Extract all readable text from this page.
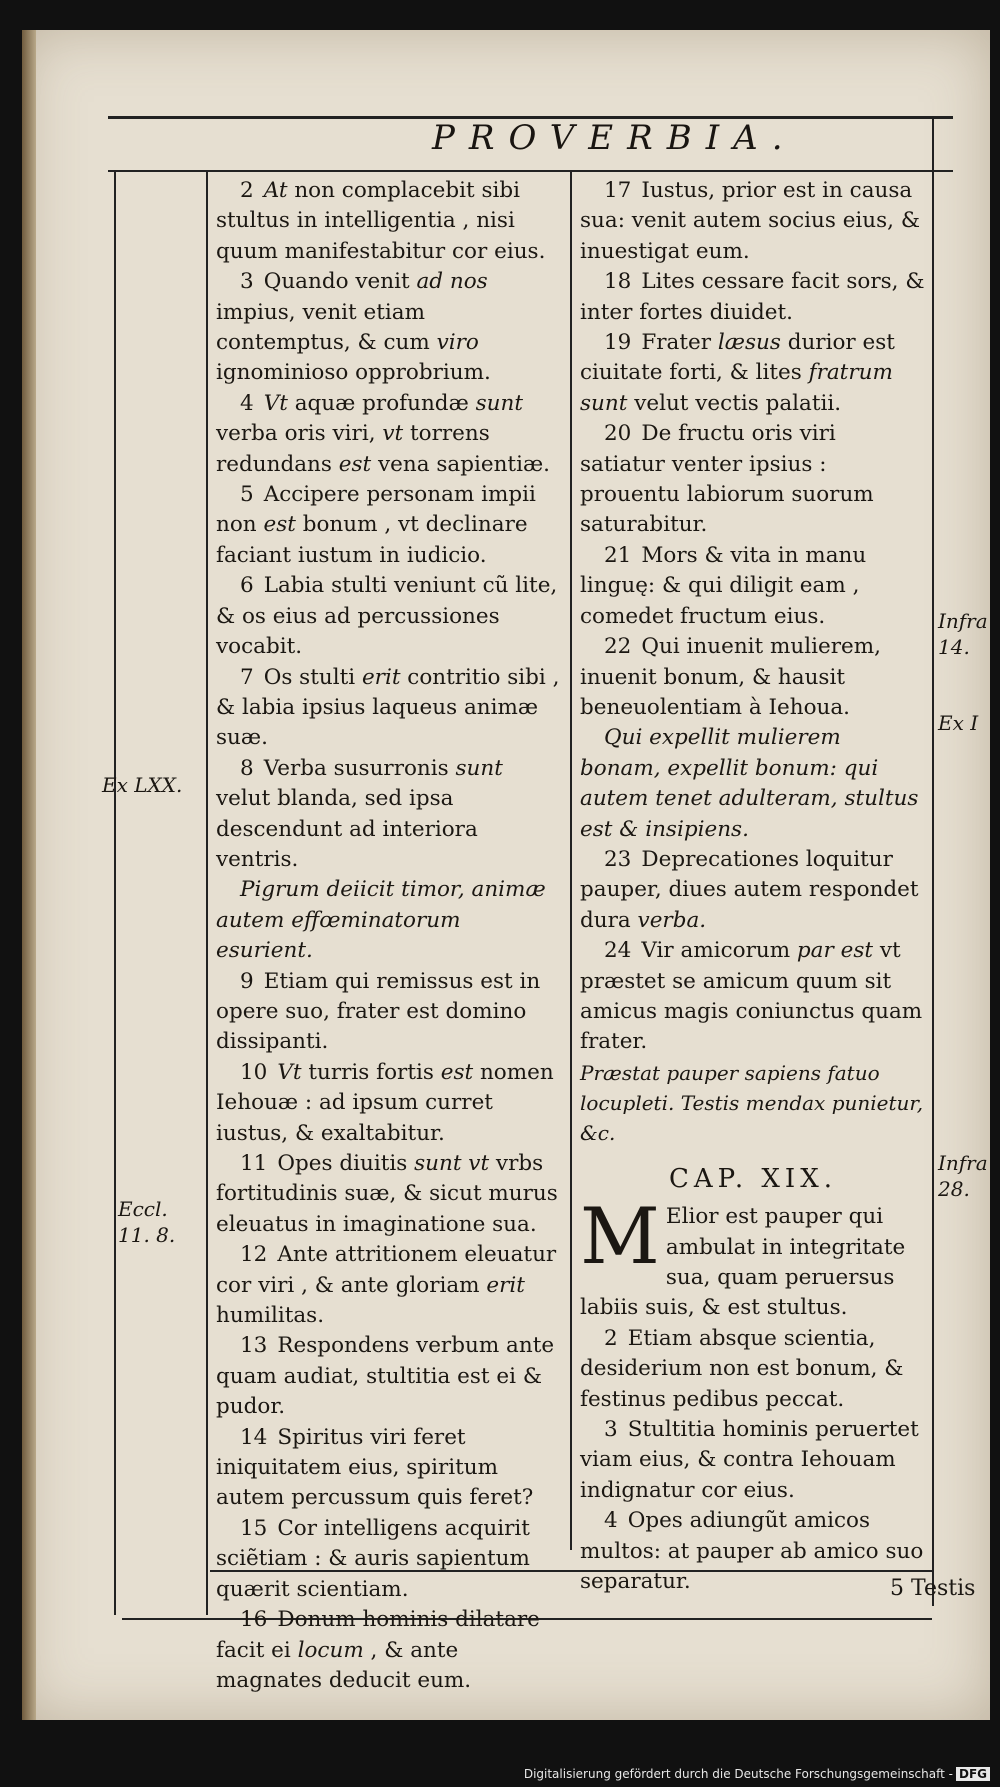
PROVERBIA.

2 At non complacebit sibi stultus in intelligentia , nisi quum manifestabitur cor eius.

3 Quando venit ad nos impius, venit etiam contemptus, & cum viro ignominioso opprobrium.

4 Vt aquæ profundæ sunt verba oris viri, vt torrens redundans est vena sapientiæ.

5 Accipere personam impii non est bonum , vt declinare faciant iustum in iudicio.

6 Labia stulti veniunt cũ lite, & os eius ad percussiones vocabit.

7 Os stulti erit contritio sibi , & labia ipsius laqueus animæ suæ.

8 Verba susurronis sunt velut blanda, sed ipsa descendunt ad interiora ventris.

Pigrum deiicit timor, animæ autem effœminatorum esurient.

9 Etiam qui remissus est in opere suo, frater est domino dissipanti.

10 Vt turris fortis est nomen Iehouæ : ad ipsum curret iustus, & exaltabitur.

11 Opes diuitis sunt vt vrbs fortitudinis suæ, & sicut murus eleuatus in imaginatione sua.

12 Ante attritionem eleuatur cor viri , & ante gloriam erit humilitas.

13 Respondens verbum ante quam audiat, stultitia est ei & pudor.

14 Spiritus viri feret iniquitatem eius, spiritum autem percussum quis feret?

15 Cor intelligens acquirit sciẽtiam : & auris sapientum quærit scientiam.

16 Donum hominis dilatare facit ei locum , & ante magnates deducit eum.

17 Iustus, prior est in causa sua: venit autem socius eius, & inuestigat eum.

18 Lites cessare facit sors, & inter fortes diuidet.

19 Frater læsus durior est ciuitate forti, & lites fratrum sunt velut vectis palatii.

20 De fructu oris viri satiatur venter ipsius : prouentu labiorum suorum saturabitur.

21 Mors & vita in manu linguę: & qui diligit eam , comedet fructum eius.

22 Qui inuenit mulierem, inuenit bonum, & hausit beneuolentiam à Iehoua.

Qui expellit mulierem bonam, expellit bonum: qui autem tenet adulteram, stultus est & insipiens.

23 Deprecationes loquitur pauper, diues autem respondet dura verba.

24 Vir amicorum par est vt præstet se amicum quum sit amicus magis coniunctus quam frater.

Præstat pauper sapiens fatuo locupleti. Testis mendax punietur, &c.

CAP. XIX.

M Elior est pauper qui ambulat in integritate sua, quam peruersus labiis suis, & est stultus.

2 Etiam absque scientia, desiderium non est bonum, & festinus pedibus peccat.

3 Stultitia hominis peruertet viam eius, & contra Iehouam indignatur cor eius.

4 Opes adiungũt amicos multos: at pauper ab amico suo separatur.

Ex LXX.
Eccl. 11. 8.
Infra 14.
Ex I
Infra 28.
5 Testis
Digitalisierung gefördert durch die Deutsche Forschungsgemeinschaft - DFG
